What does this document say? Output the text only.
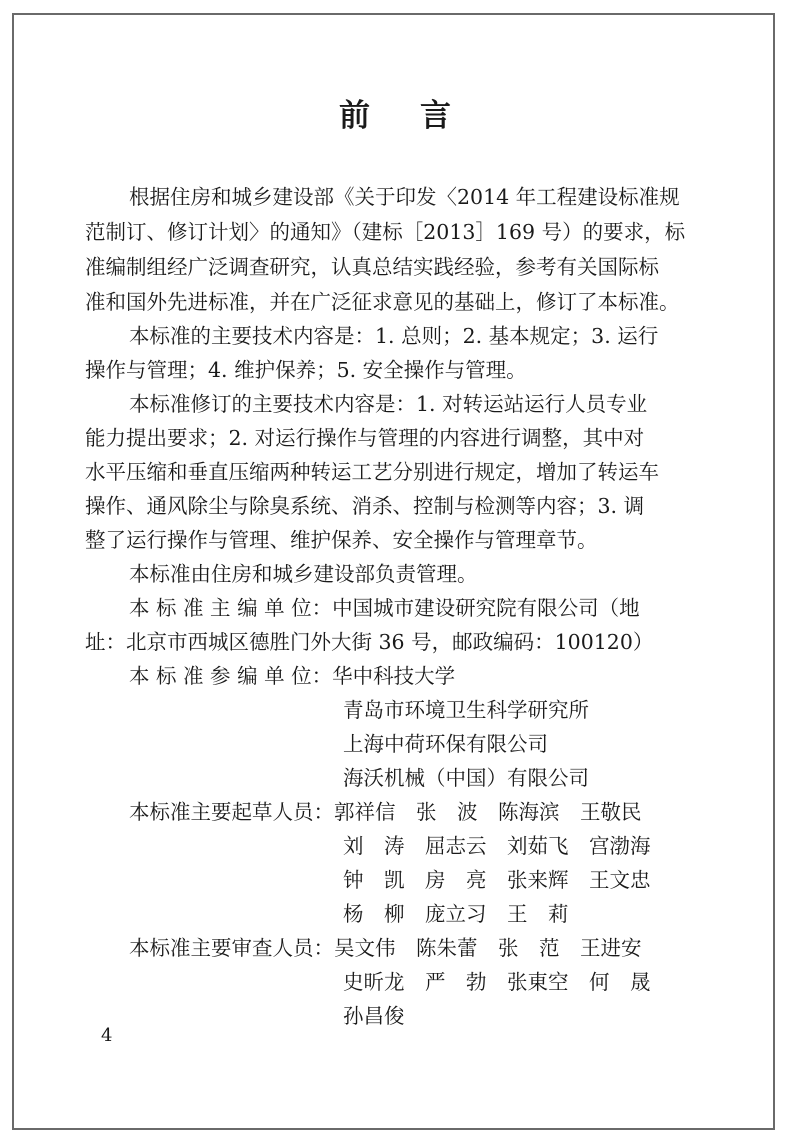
前 言
根据住房和城乡建设部《关于印发〈2014 年工程建设标准规
范制订、修订计划〉的通知》（建标［2013］169 号）的要求，标
准编制组经广泛调查研究，认真总结实践经验，参考有关国际标
准和国外先进标准，并在广泛征求意见的基础上，修订了本标准。
本标准的主要技术内容是：1. 总则；2. 基本规定；3. 运行
操作与管理；4. 维护保养；5. 安全操作与管理。
本标准修订的主要技术内容是：1. 对转运站运行人员专业
能力提出要求；2. 对运行操作与管理的内容进行调整，其中对
水平压缩和垂直压缩两种转运工艺分别进行规定，增加了转运车
操作、通风除尘与除臭系统、消杀、控制与检测等内容；3. 调
整了运行操作与管理、维护保养、安全操作与管理章节。
本标准由住房和城乡建设部负责管理。
本 标 准 主 编 单 位：中国城市建设研究院有限公司（地
址：北京市西城区德胜门外大街 36 号，邮政编码：100120）
本 标 准 参 编 单 位：华中科技大学
青岛市环境卫生科学研究所
上海中荷环保有限公司
海沃机械（中国）有限公司
本标准主要起草人员：郭祥信　张　波　陈海滨　王敬民
刘　涛　屈志云　刘茹飞　宫渤海
钟　凯　房　亮　张来辉　王文忠
杨　柳　庞立习　王　莉
本标准主要审查人员：吴文伟　陈朱蕾　张　范　王进安
史昕龙　严　勃　张東空　何　晟
孙昌俊
4
